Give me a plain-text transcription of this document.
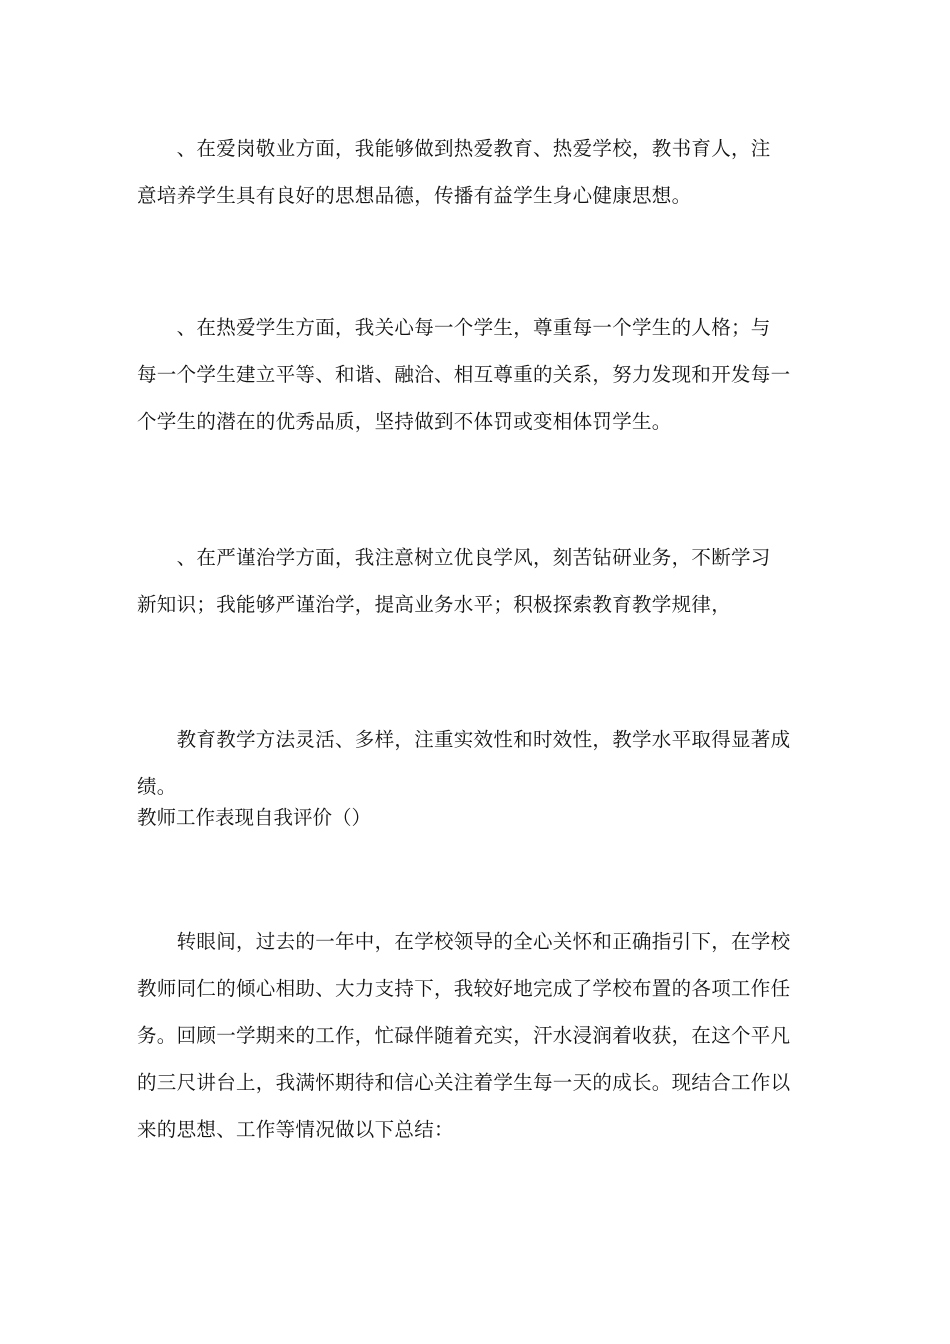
　　、在爱岗敬业方面，我能够做到热爱教育、热爱学校，教书育人，注
意培养学生具有良好的思想品德，传播有益学生身心健康思想。
　　、在热爱学生方面，我关心每一个学生，尊重每一个学生的人格；与
每一个学生建立平等、和谐、融洽、相互尊重的关系，努力发现和开发每一
个学生的潜在的优秀品质，坚持做到不体罚或变相体罚学生。
　　、在严谨治学方面，我注意树立优良学风，刻苦钻研业务，不断学习
新知识；我能够严谨治学，提高业务水平；积极探索教育教学规律，
　　教育教学方法灵活、多样，注重实效性和时效性，教学水平取得显著成
绩。

教师工作表现自我评价（）

　　转眼间，过去的一年中，在学校领导的全心关怀和正确指引下，在学校
教师同仁的倾心相助、大力支持下，我较好地完成了学校布置的各项工作任
务。回顾一学期来的工作，忙碌伴随着充实，汗水浸润着收获，在这个平凡
的三尺讲台上，我满怀期待和信心关注着学生每一天的成长。现结合工作以
来的思想、工作等情况做以下总结：
